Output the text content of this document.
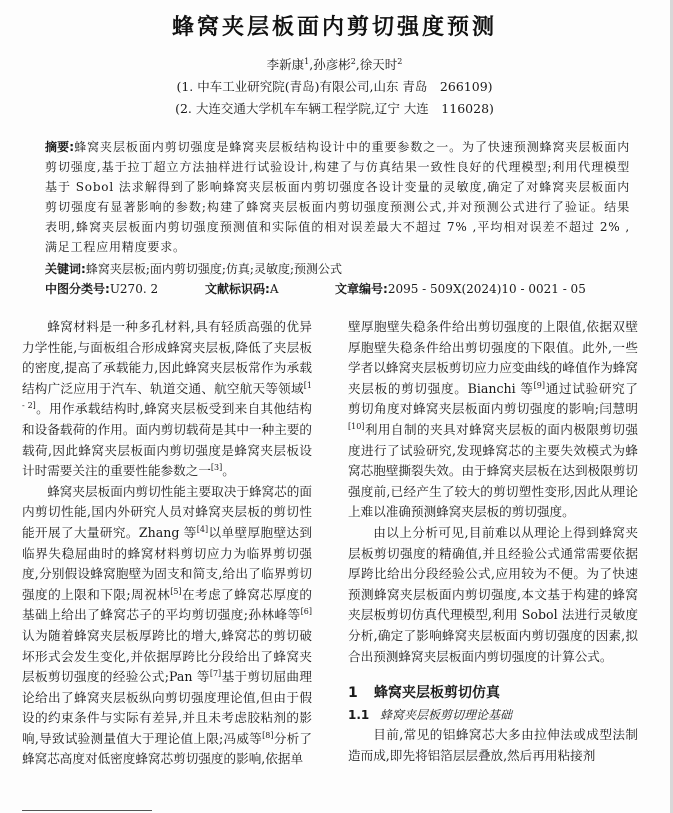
蜂窝夹层板面内剪切强度预测
李新康$^1$,孙彦彬$^2$,徐天时$^2$
(1. 中车工业研究院(青岛)有限公司,山东 青岛　266109)
(2. 大连交通大学机车车辆工程学院,辽宁 大连　116028)
摘要:蜂窝夹层板面内剪切强度是蜂窝夹层板结构设计中的重要参数之一。为了快速预测蜂窝夹层板面内剪切强度,基于拉丁超立方法抽样进行试验设计,构建了与仿真结果一致性良好的代理模型;利用代理模型基于 Sobol 法求解得到了影响蜂窝夹层板面内剪切强度各设计变量的灵敏度,确定了对蜂窝夹层板面内剪切强度有显著影响的参数;构建了蜂窝夹层板面内剪切强度预测公式,并对预测公式进行了验证。结果表明,蜂窝夹层板面内剪切强度预测值和实际值的相对误差最大不超过 7% ,平均相对误差不超过 2% ,满足工程应用精度要求。
关键词:蜂窝夹层板;面内剪切强度;仿真;灵敏度;预测公式
中图分类号:U270. 2	文献标识码:A	文章编号:2095 - 509X(2024)10 - 0021 - 05

蜂窝材料是一种多孔材料,具有轻质高强的优异力学性能,与面板组合形成蜂窝夹层板,降低了夹层板的密度,提高了承载能力,因此蜂窝夹层板常作为承载结构广泛应用于汽车、轨道交通、航空航天等领域[1 - 2]。用作承载结构时,蜂窝夹层板受到来自其他结构和设备载荷的作用。面内剪切载荷是其中一种主要的载荷,因此蜂窝夹层板面内剪切强度是蜂窝夹层板设计时需要关注的重要性能参数之一[3]。

蜂窝夹层板面内剪切性能主要取决于蜂窝芯的面内剪切性能,国内外研究人员对蜂窝夹层板的剪切性能开展了大量研究。Zhang 等[4]以单壁厚胞壁达到临界失稳屈曲时的蜂窝材料剪切应力为临界剪切强度,分别假设蜂窝胞壁为固支和简支,给出了临界剪切强度的上限和下限;周祝林[5]在考虑了蜂窝芯厚度的基础上给出了蜂窝芯子的平均剪切强度;孙林峰等[6]认为随着蜂窝夹层板厚跨比的增大,蜂窝芯的剪切破坏形式会发生变化,并依据厚跨比分段给出了蜂窝夹层板剪切强度的经验公式;Pan 等[7]基于剪切屈曲理论给出了蜂窝夹层板纵向剪切强度理论值,但由于假设的约束条件与实际有差异,并且未考虑胶粘剂的影响,导致试验测量值大于理论值上限;冯威等[8]分析了蜂窝芯高度对低密度蜂窝芯剪切强度的影响,依据单

壁厚胞壁失稳条件给出剪切强度的上限值,依据双壁厚胞壁失稳条件给出剪切强度的下限值。此外,一些学者以蜂窝夹层板剪切应力应变曲线的峰值作为蜂窝夹层板的剪切强度。Bianchi 等[9]通过试验研究了剪切角度对蜂窝夹层板面内剪切强度的影响;闫慧明[10]利用自制的夹具对蜂窝夹层板的面内极限剪切强度进行了试验研究,发现蜂窝芯的主要失效模式为蜂窝芯胞壁撕裂失效。由于蜂窝夹层板在达到极限剪切强度前,已经产生了较大的剪切塑性变形,因此从理论上难以准确预测蜂窝夹层板的剪切强度。

由以上分析可见,目前难以从理论上得到蜂窝夹层板剪切强度的精确值,并且经验公式通常需要依据厚跨比给出分段经验公式,应用较为不便。为了快速预测蜂窝夹层板面内剪切强度,本文基于构建的蜂窝夹层板剪切仿真代理模型,利用 Sobol 法进行灵敏度分析,确定了影响蜂窝夹层板面内剪切强度的因素,拟合出预测蜂窝夹层板面内剪切强度的计算公式。

1 蜂窝夹层板剪切仿真
1.1 蜂窝夹层板剪切理论基础

目前,常见的铝蜂窝芯大多由拉伸法或成型法制造而成,即先将铝箔层层叠放,然后再用粘接剂
